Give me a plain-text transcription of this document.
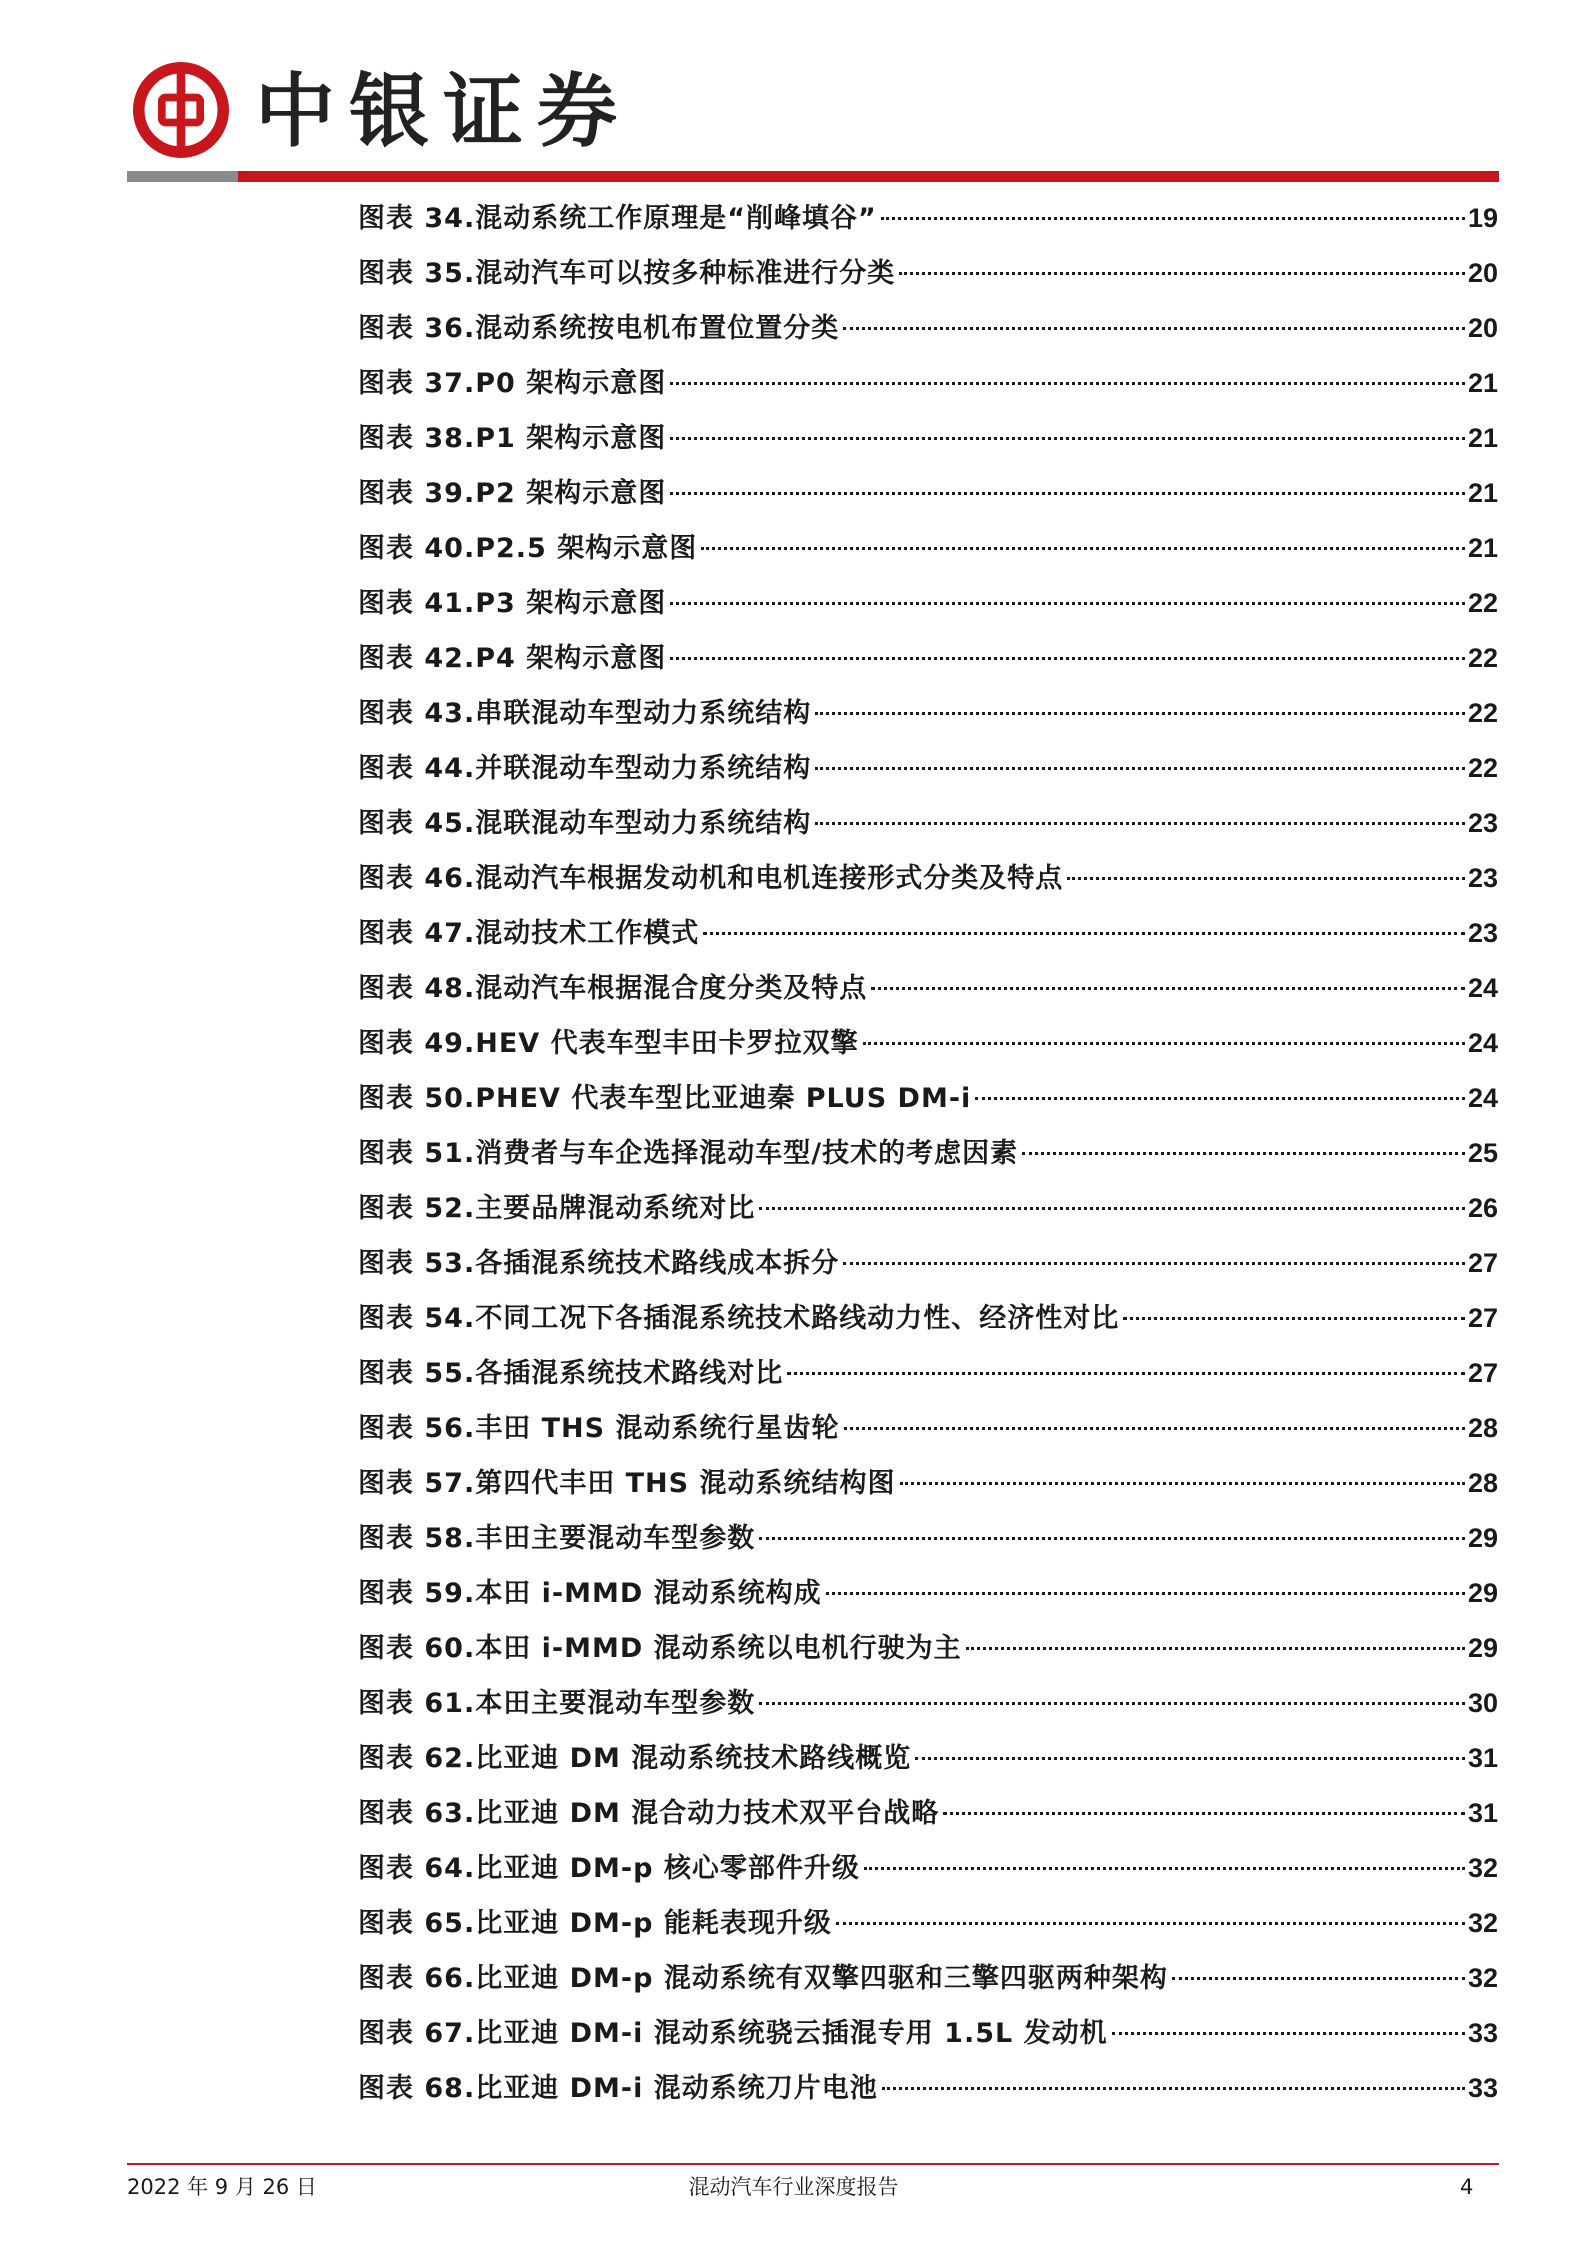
中银证券
图表 34.混动系统工作原理是“削峰填谷”	19
图表 35.混动汽车可以按多种标准进行分类	20
图表 36.混动系统按电机布置位置分类	20
图表 37.P0 架构示意图	21
图表 38.P1 架构示意图	21
图表 39.P2 架构示意图	21
图表 40.P2.5 架构示意图	21
图表 41.P3 架构示意图	22
图表 42.P4 架构示意图	22
图表 43.串联混动车型动力系统结构	22
图表 44.并联混动车型动力系统结构	22
图表 45.混联混动车型动力系统结构	23
图表 46.混动汽车根据发动机和电机连接形式分类及特点	23
图表 47.混动技术工作模式	23
图表 48.混动汽车根据混合度分类及特点	24
图表 49.HEV 代表车型丰田卡罗拉双擎	24
图表 50.PHEV 代表车型比亚迪秦 PLUS DM-i	24
图表 51.消费者与车企选择混动车型/技术的考虑因素	25
图表 52.主要品牌混动系统对比	26
图表 53.各插混系统技术路线成本拆分	27
图表 54.不同工况下各插混系统技术路线动力性、经济性对比	27
图表 55.各插混系统技术路线对比	27
图表 56.丰田 THS 混动系统行星齿轮	28
图表 57.第四代丰田 THS 混动系统结构图	28
图表 58.丰田主要混动车型参数	29
图表 59.本田 i-MMD 混动系统构成	29
图表 60.本田 i-MMD 混动系统以电机行驶为主	29
图表 61.本田主要混动车型参数	30
图表 62.比亚迪 DM 混动系统技术路线概览	31
图表 63.比亚迪 DM 混合动力技术双平台战略	31
图表 64.比亚迪 DM-p 核心零部件升级	32
图表 65.比亚迪 DM-p 能耗表现升级	32
图表 66.比亚迪 DM-p 混动系统有双擎四驱和三擎四驱两种架构	32
图表 67.比亚迪 DM-i 混动系统骁云插混专用 1.5L 发动机	33
图表 68.比亚迪 DM-i 混动系统刀片电池	33
2022 年 9 月 26 日	混动汽车行业深度报告	4
